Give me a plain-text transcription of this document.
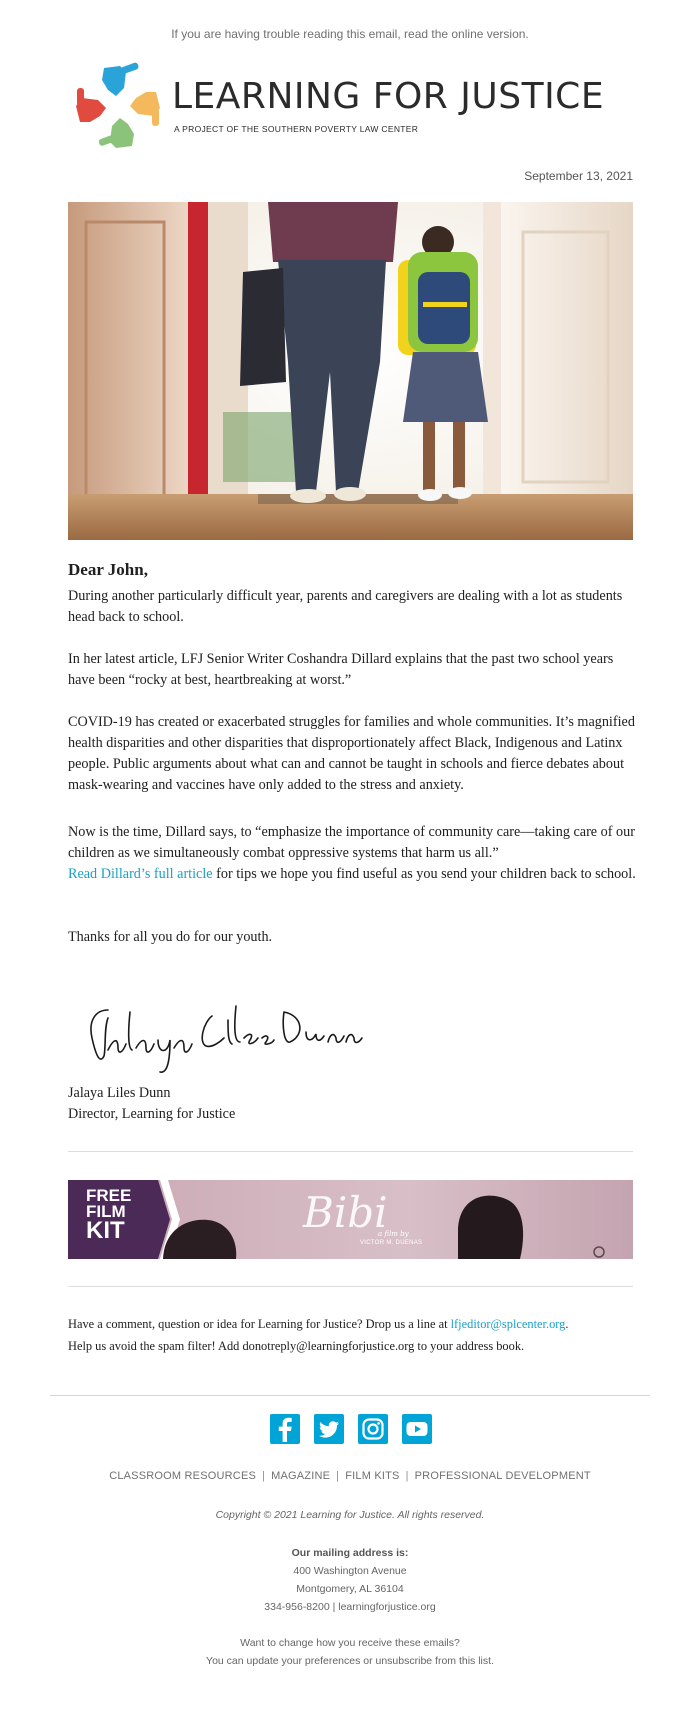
If you are having trouble reading this email, read the online version.
LEARNING FOR JUSTICE
A PROJECT OF THE SOUTHERN POVERTY LAW CENTER
September 13, 2021
Dear John,

During another particularly difficult year, parents and caregivers are dealing with a lot as students head back to school.

In her latest article, LFJ Senior Writer Coshandra Dillard explains that the past two school years have been “rocky at best, heartbreaking at worst.”

COVID-19 has created or exacerbated struggles for families and whole communities. It’s magnified health disparities and other disparities that disproportionately affect Black, Indigenous and Latinx people. Public arguments about what can and cannot be taught in schools and fierce debates about mask-wearing and vaccines have only added to the stress and anxiety.

Now is the time, Dillard says, to “emphasize the importance of community care—taking care of our children as we simultaneously combat oppressive systems that harm us all.”

Read Dillard’s full article for tips we hope you find useful as you send your children back to school.

Thanks for all you do for our youth.

Jalaya Liles Dunn
Jalaya Liles Dunn
Director, Learning for Justice
FREE
FILM
KIT	Bibi
a film by
VICTOR M. DUENAS
Have a comment, question or idea for Learning for Justice? Drop us a line at lfjeditor@splcenter.org.
Help us avoid the spam filter! Add donotreply@learningforjustice.org to your address book.
CLASSROOM RESOURCES | MAGAZINE | FILM KITS | PROFESSIONAL DEVELOPMENT
Copyright © 2021 Learning for Justice. All rights reserved.
Our mailing address is:
400 Washington Avenue
Montgomery, AL 36104
334-956-8200 | learningforjustice.org
Want to change how you receive these emails?
You can update your preferences or unsubscribe from this list.
